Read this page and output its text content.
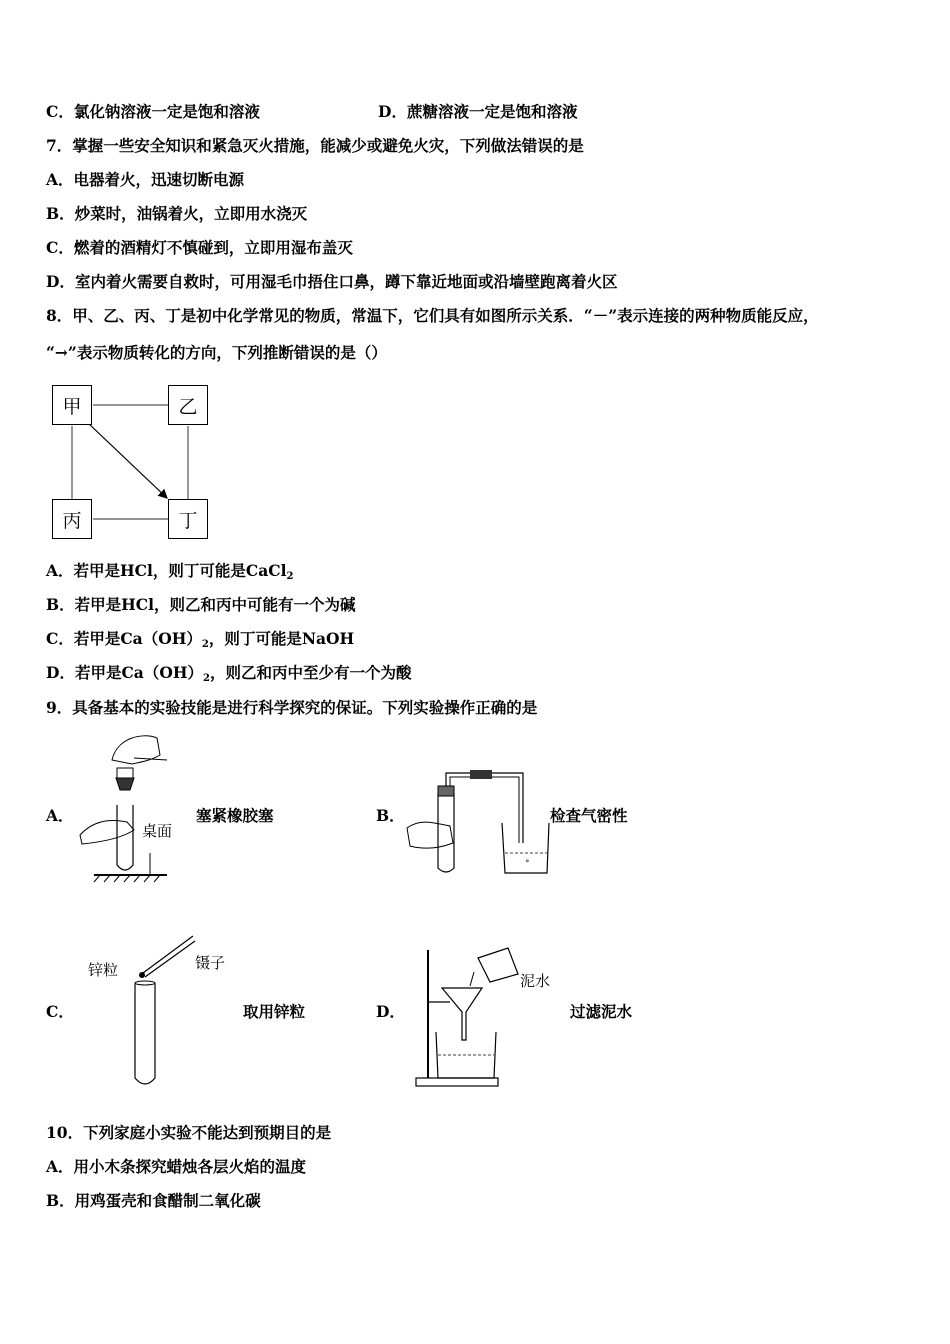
C．氯化钠溶液一定是饱和溶液	D．蔗糖溶液一定是饱和溶液
7．掌握一些安全知识和紧急灭火措施，能减少或避免火灾，下列做法错误的是
A．电器着火，迅速切断电源
B．炒菜时，油锅着火，立即用水浇灭
C．燃着的酒精灯不慎碰到，立即用湿布盖灭
D．室内着火需要自救时，可用湿毛巾捂住口鼻，蹲下靠近地面或沿墙壁跑离着火区
8．甲、乙、丙、丁是初中化学常见的物质，常温下，它们具有如图所示关系．“－”表示连接的两种物质能反应，
“→”表示物质转化的方向，下列推断错误的是（）
甲	乙
丙	丁
A．若甲是HCl，则丁可能是CaCl$_2$
B．若甲是HCl，则乙和丙中可能有一个为碱
C．若甲是$Ca(OH)_2$，则丁可能是NaOH
D．若甲是$Ca(OH)_2$，则乙和丙中至少有一个为酸
9．具备基本的实验技能是进行科学探究的保证。下列实验操作正确的是
A．
桌面
塞紧橡胶塞	B．
°
检查气密性
C．
锌粒	镊子
取用锌粒	D．
泥水
过滤泥水
10．下列家庭小实验不能达到预期目的是
A．用小木条探究蜡烛各层火焰的温度
B．用鸡蛋壳和食醋制二氧化碳
